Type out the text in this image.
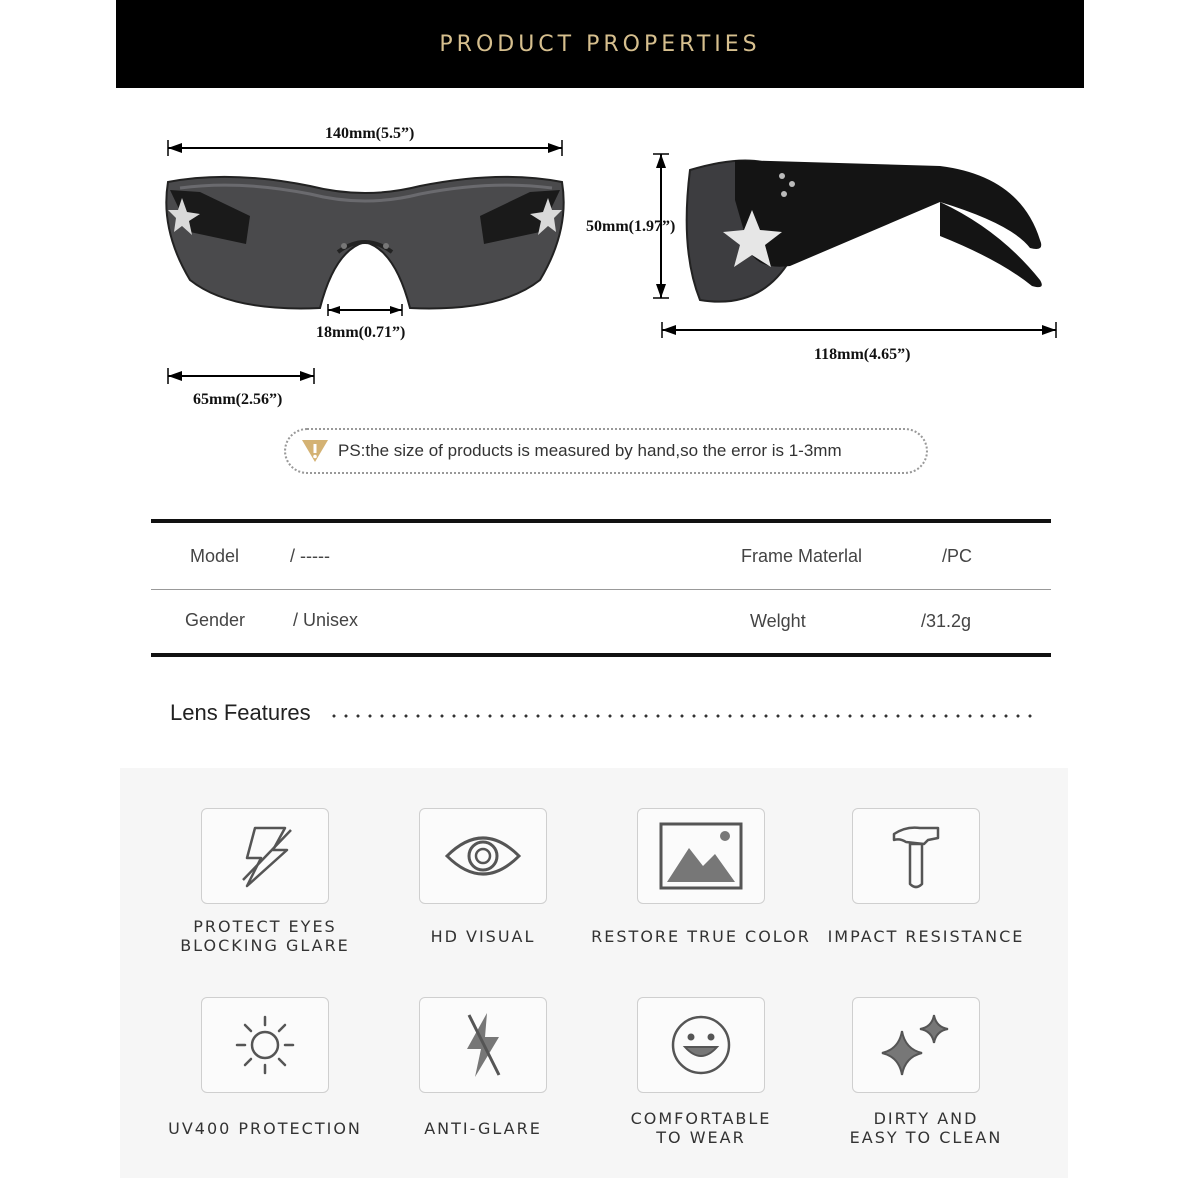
PRODUCT PROPERTIES
140mm(5.5”)
18mm(0.71”)
65mm(2.56”)
50mm(1.97”)
118mm(4.65”)
PS:the size of products is measured by hand,so the error is 1-3mm
Model	/ -----	Frame Materlal	/PC
Gender	/ Unisex	Welght	/31.2g
Lens Features
PROTECT EYES
BLOCKING GLARE	HD VISUAL	RESTORE TRUE COLOR	IMPACT RESISTANCE
UV400 PROTECTION	ANTI-GLARE
COMFORTABLE
TO WEAR
DIRTY AND
EASY TO CLEAN
